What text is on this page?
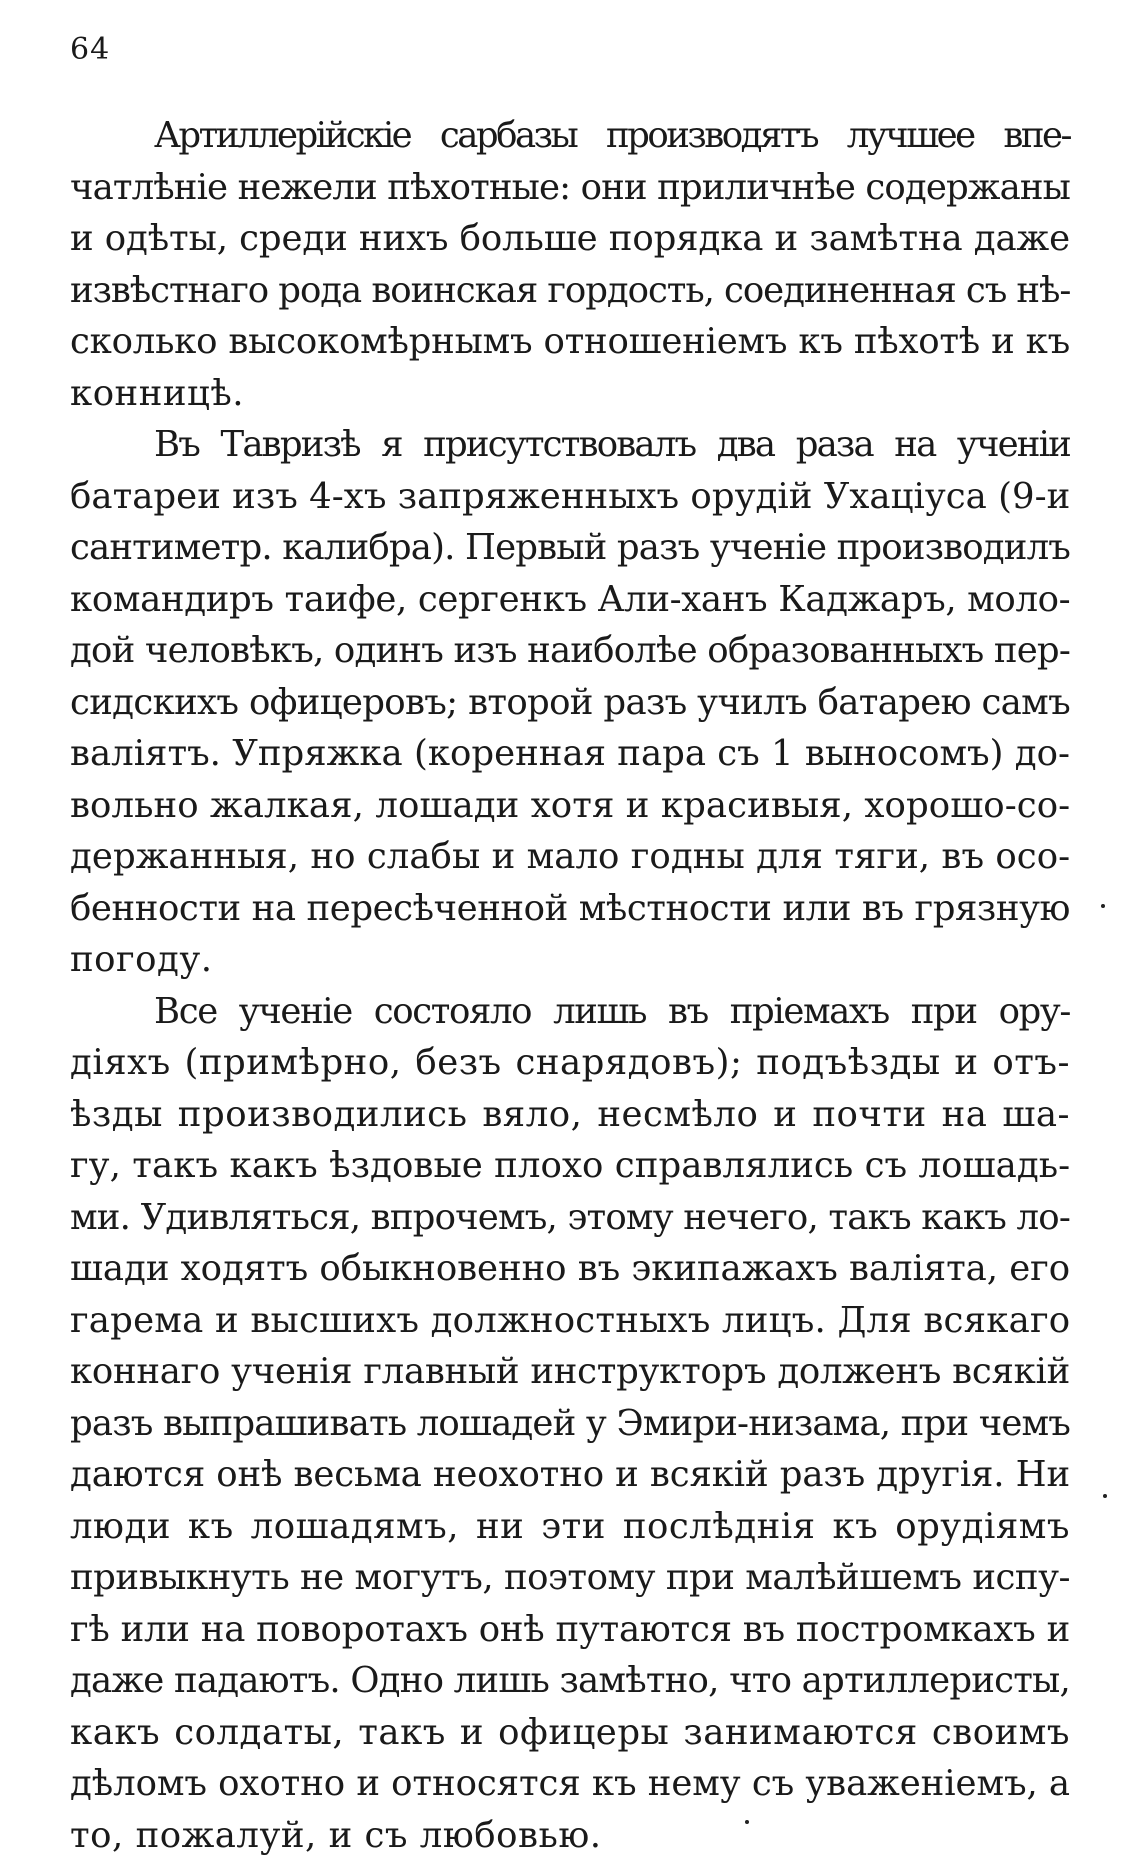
64

Артиллерійскіе сарбазы производятъ лучшее впе-
чатлѣніе нежели пѣхотные: они приличнѣе содержаны
и одѣты, среди нихъ больше порядка и замѣтна даже
извѣстнаго рода воинская гордость, соединенная съ нѣ-
сколько высокомѣрнымъ отношеніемъ къ пѣхотѣ и къ
конницѣ.

Въ Тавризѣ я присутствовалъ два раза на ученіи
батареи изъ 4-хъ запряженныхъ орудій Ухаціуса (9-и
сантиметр. калибра). Первый разъ ученіе производилъ
командиръ таифе, сергенкъ Али-ханъ Каджаръ, моло-
дой человѣкъ, одинъ изъ наиболѣе образованныхъ пер-
сидскихъ офицеровъ; второй разъ училъ батарею самъ
валіятъ. Упряжка (коренная пара съ 1 выносомъ) до-
вольно жалкая, лошади хотя и красивыя, хорошо-со-
держанныя, но слабы и мало годны для тяги, въ осо-
бенности на пересѣченной мѣстности или въ грязную
погоду.

Все ученіе состояло лишь въ пріемахъ при ору-
діяхъ (примѣрно, безъ снарядовъ); подъѣзды и отъ-
ѣзды производились вяло, несмѣло и почти на ша-
гу, такъ какъ ѣздовые плохо справлялись съ лошадь-
ми. Удивляться, впрочемъ, этому нечего, такъ какъ ло-
шади ходятъ обыкновенно въ экипажахъ валіята, его
гарема и высшихъ должностныхъ лицъ. Для всякаго
коннаго ученія главный инструкторъ долженъ всякій
разъ выпрашивать лошадей у Эмири-низама, при чемъ
даются онѣ весьма неохотно и всякій разъ другія. Ни
люди къ лошадямъ, ни эти послѣднія къ орудіямъ
привыкнуть не могутъ, поэтому при малѣйшемъ испу-
гѣ или на поворотахъ онѣ путаются въ постромкахъ и
даже падаютъ. Одно лишь замѣтно, что артиллеристы,
какъ солдаты, такъ и офицеры занимаются своимъ
дѣломъ охотно и относятся къ нему съ уваженіемъ, а
то, пожалуй, и съ любовью.
